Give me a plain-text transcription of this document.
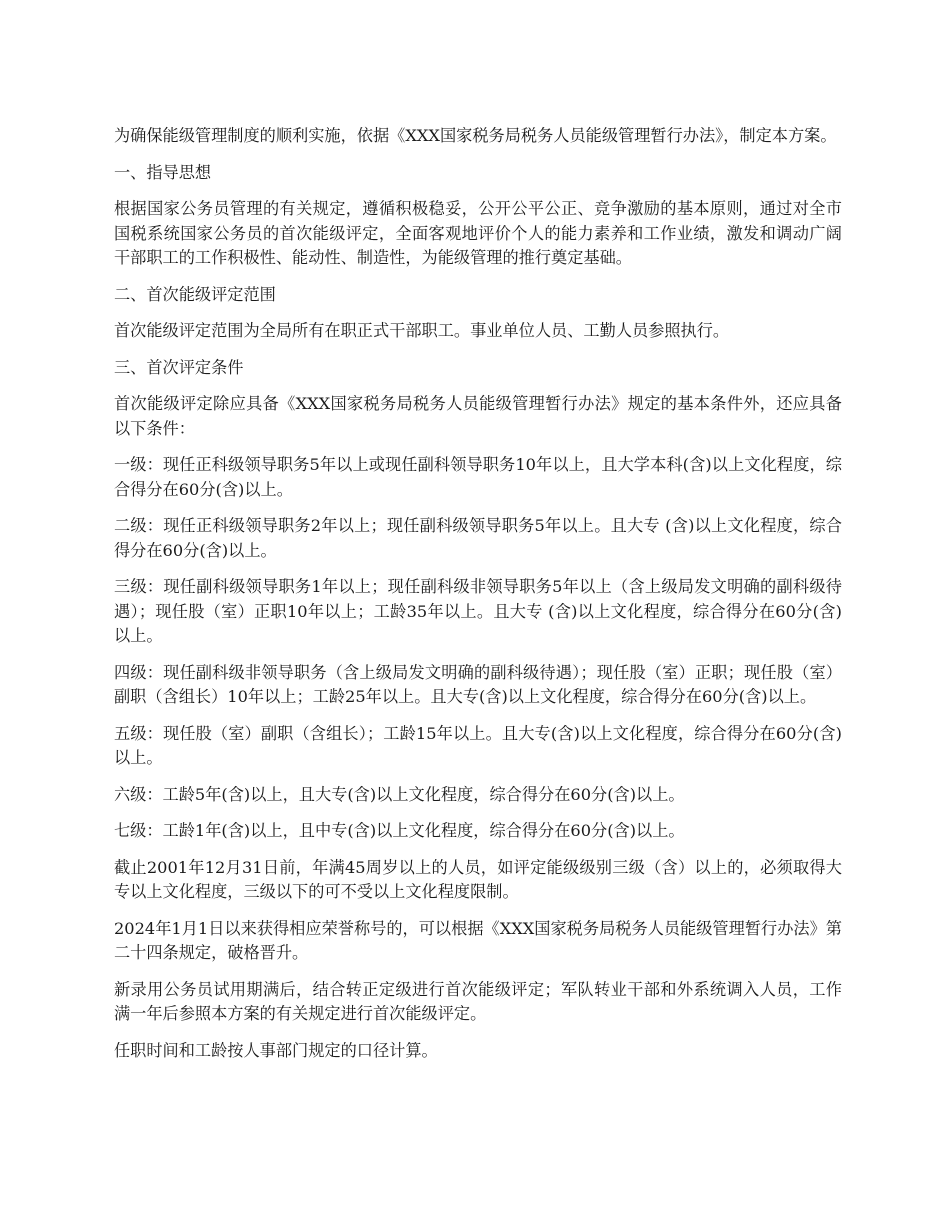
为确保能级管理制度的顺利实施，依据《XXX国家税务局税务人员能级管理暂行办法》，制定本方案。

一、指导思想

根据国家公务员管理的有关规定，遵循积极稳妥，公开公平公正、竞争激励的基本原则，通过对全市国税系统国家公务员的首次能级评定，全面客观地评价个人的能力素养和工作业绩，激发和调动广阔干部职工的工作积极性、能动性、制造性，为能级管理的推行奠定基础。

二、首次能级评定范围

首次能级评定范围为全局所有在职正式干部职工。事业单位人员、工勤人员参照执行。

三、首次评定条件

首次能级评定除应具备《XXX国家税务局税务人员能级管理暂行办法》规定的基本条件外，还应具备以下条件：

一级：现任正科级领导职务5年以上或现任副科领导职务10年以上，且大学本科(含)以上文化程度，综合得分在60分(含)以上。

二级：现任正科级领导职务2年以上；现任副科级领导职务5年以上。且大专 (含)以上文化程度，综合得分在60分(含)以上。

三级：现任副科级领导职务1年以上；现任副科级非领导职务5年以上（含上级局发文明确的副科级待遇）；现任股（室）正职10年以上；工龄35年以上。且大专 (含)以上文化程度，综合得分在60分(含)以上。

四级：现任副科级非领导职务（含上级局发文明确的副科级待遇）；现任股（室）正职；现任股（室）副职（含组长）10年以上；工龄25年以上。且大专(含)以上文化程度，综合得分在60分(含)以上。

五级：现任股（室）副职（含组长）；工龄15年以上。且大专(含)以上文化程度，综合得分在60分(含)以上。

六级：工龄5年(含)以上，且大专(含)以上文化程度，综合得分在60分(含)以上。

七级：工龄1年(含)以上，且中专(含)以上文化程度，综合得分在60分(含)以上。

截止2001年12月31日前，年满45周岁以上的人员，如评定能级级别三级（含）以上的，必须取得大专以上文化程度，三级以下的可不受以上文化程度限制。

2024年1月1日以来获得相应荣誉称号的，可以根据《XXX国家税务局税务人员能级管理暂行办法》第二十四条规定，破格晋升。

新录用公务员试用期满后，结合转正定级进行首次能级评定；军队转业干部和外系统调入人员，工作满一年后参照本方案的有关规定进行首次能级评定。

任职时间和工龄按人事部门规定的口径计算。
